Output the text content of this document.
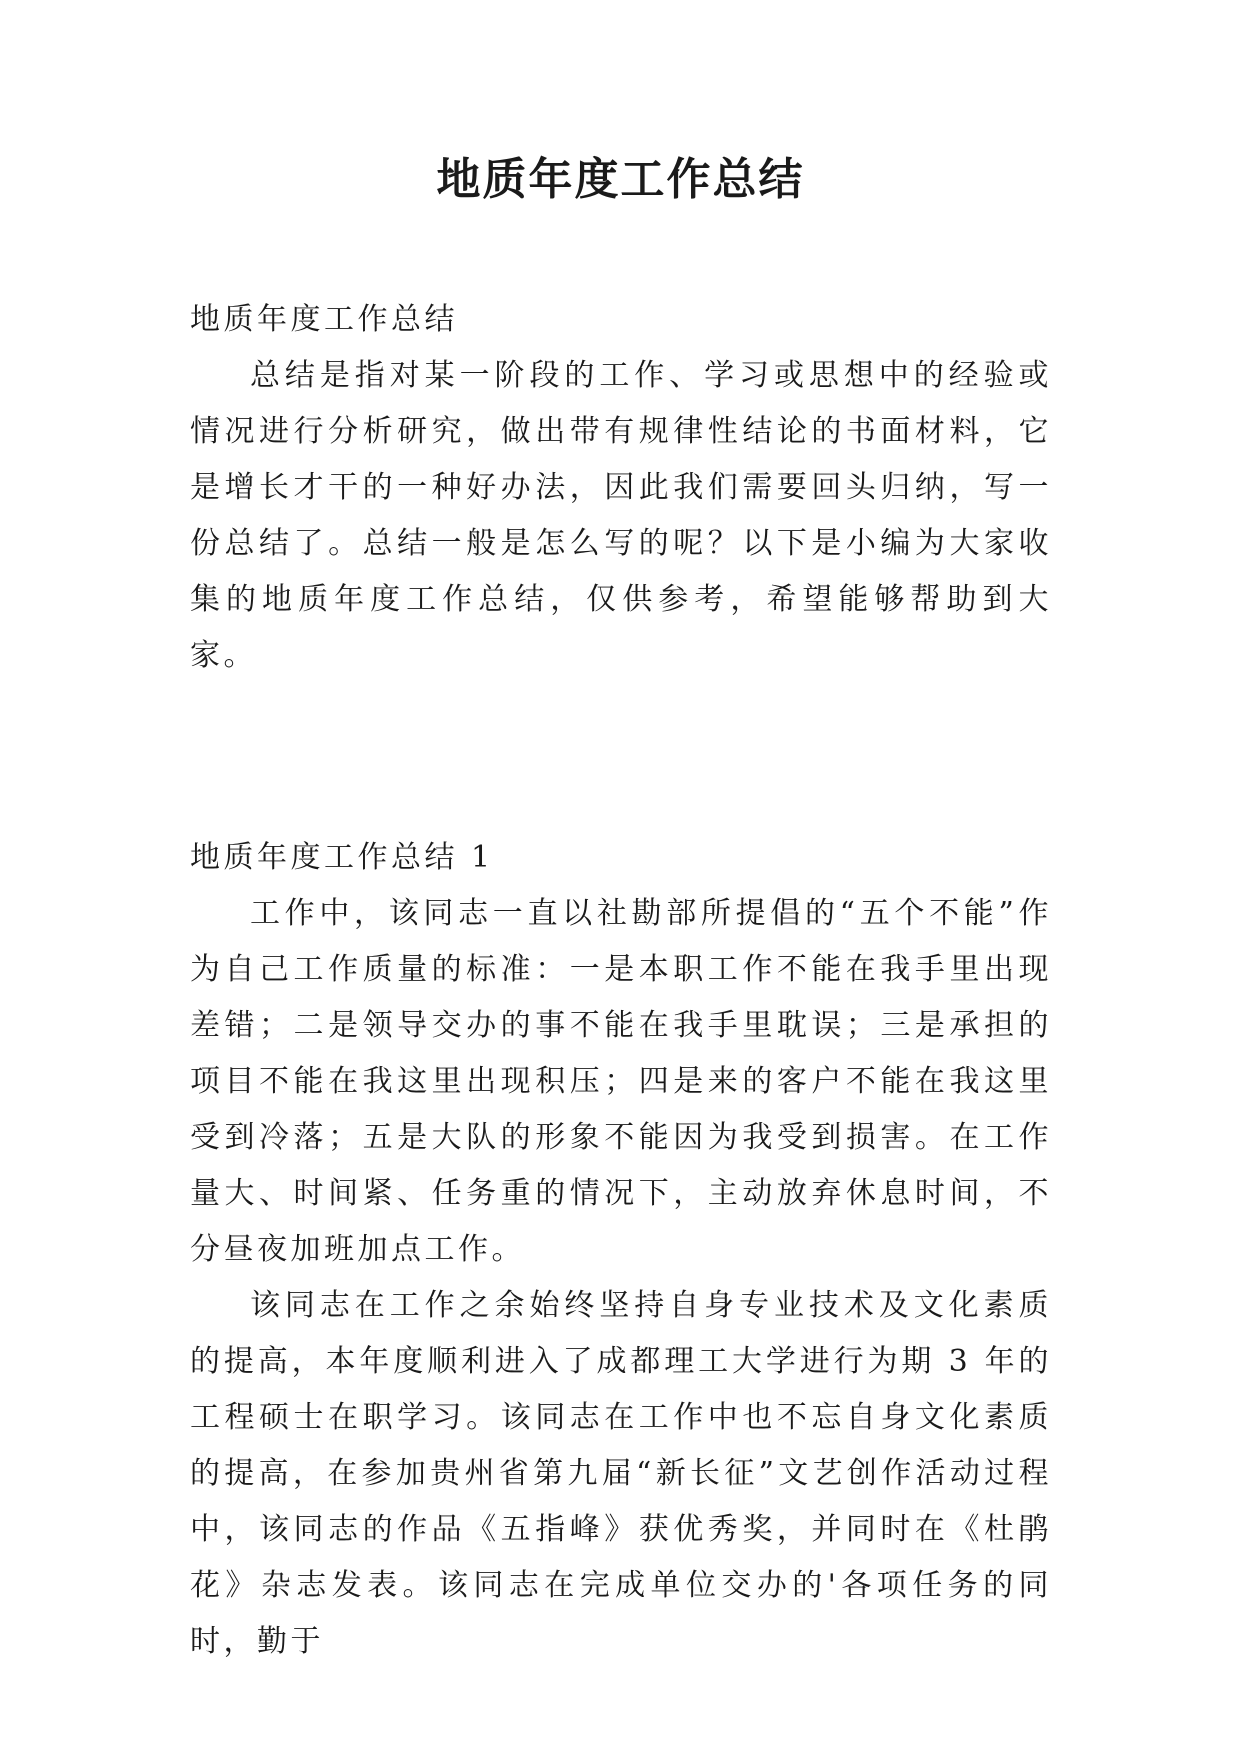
地质年度工作总结

地质年度工作总结

总结是指对某一阶段的工作、学习或思想中的经验或情况进行分析研究，做出带有规律性结论的书面材料，它是增长才干的一种好办法，因此我们需要回头归纳，写一份总结了。总结一般是怎么写的呢？以下是小编为大家收集的地质年度工作总结，仅供参考，希望能够帮助到大家。

地质年度工作总结 1

工作中，该同志一直以社勘部所提倡的“五个不能”作为自己工作质量的标准：一是本职工作不能在我手里出现差错；二是领导交办的事不能在我手里耽误；三是承担的项目不能在我这里出现积压；四是来的客户不能在我这里受到冷落；五是大队的形象不能因为我受到损害。在工作量大、时间紧、任务重的情况下，主动放弃休息时间，不分昼夜加班加点工作。

该同志在工作之余始终坚持自身专业技术及文化素质的提高，本年度顺利进入了成都理工大学进行为期 3 年的工程硕士在职学习。该同志在工作中也不忘自身文化素质的提高，在参加贵州省第九届“新长征”文艺创作活动过程中，该同志的作品《五指峰》获优秀奖，并同时在《杜鹃花》杂志发表。该同志在完成单位交办的'各项任务的同时，勤于
